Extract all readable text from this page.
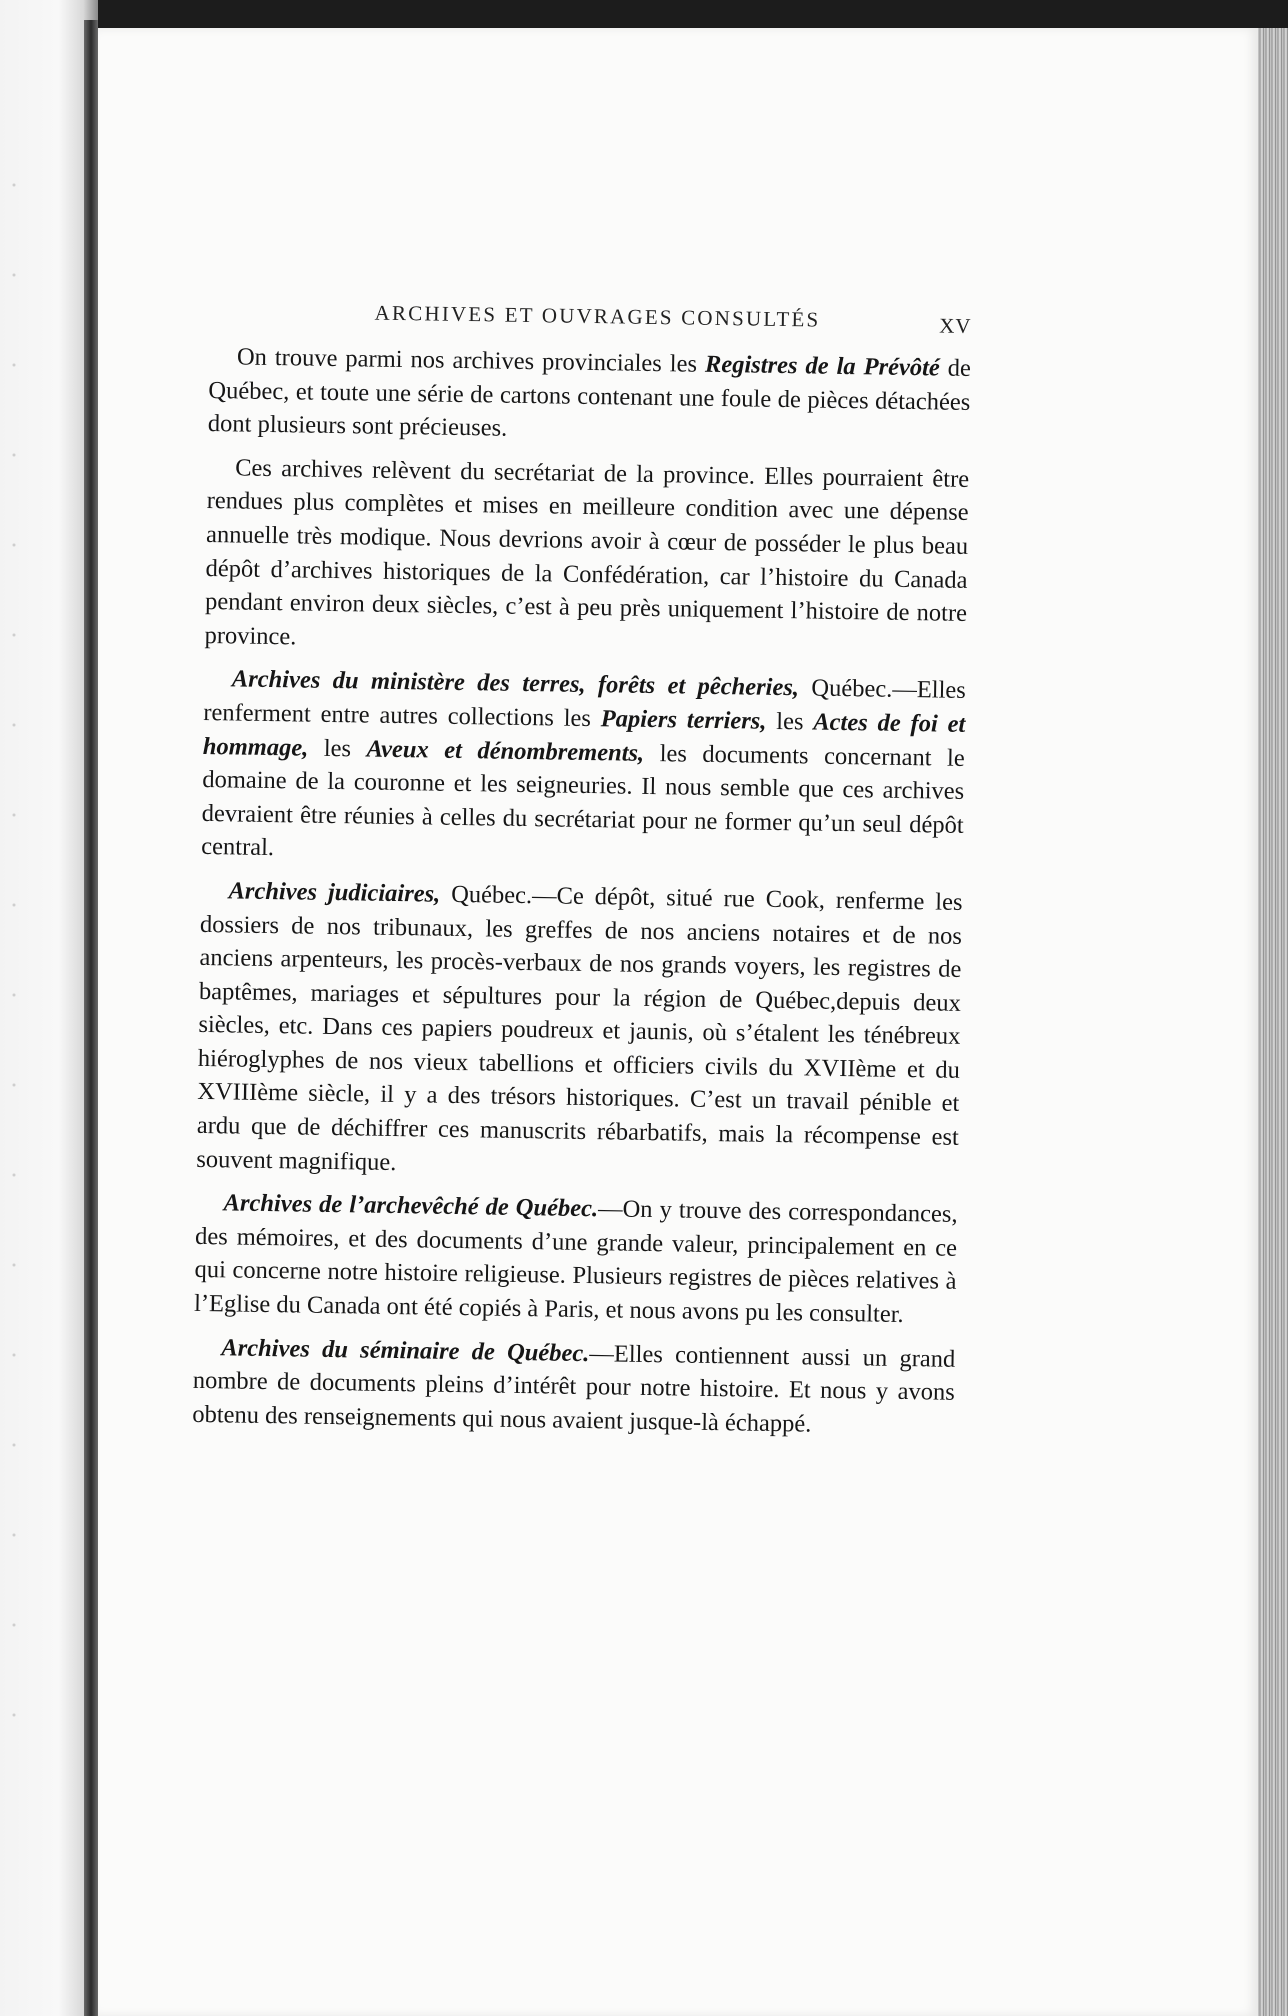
ARCHIVES ET OUVRAGES CONSULTÉS	XV

On trouve parmi nos archives provinciales les Registres de la Prévôté de Québec, et toute une série de cartons contenant une foule de pièces détachées dont plusieurs sont précieuses.

Ces archives relèvent du secrétariat de la province. Elles pourraient être rendues plus complètes et mises en meilleure condition avec une dépense annuelle très modique. Nous devrions avoir à cœur de posséder le plus beau dépôt d’archives historiques de la Confédération, car l’histoire du Canada pendant environ deux siècles, c’est à peu près uniquement l’histoire de notre province.

Archives du ministère des terres, forêts et pêcheries, Québec.—Elles renferment entre autres collections les Papiers terriers, les Actes de foi et hommage, les Aveux et dénombrements, les documents concernant le domaine de la couronne et les seigneuries. Il nous semble que ces archives devraient être réunies à celles du secrétariat pour ne former qu’un seul dépôt central.

Archives judiciaires, Québec.—Ce dépôt, situé rue Cook, renferme les dossiers de nos tribunaux, les greffes de nos anciens notaires et de nos anciens arpenteurs, les procès-verbaux de nos grands voyers, les registres de baptêmes, mariages et sépultures pour la région de Québec,depuis deux siècles, etc. Dans ces papiers poudreux et jaunis, où s’étalent les ténébreux hiéroglyphes de nos vieux tabellions et officiers civils du XVIIème et du XVIIIème siècle, il y a des trésors historiques. C’est un travail pénible et ardu que de déchiffrer ces manuscrits rébarbatifs, mais la récompense est souvent magnifique.

Archives de l’archevêché de Québec.—On y trouve des correspondances, des mémoires, et des documents d’une grande valeur, principalement en ce qui concerne notre histoire religieuse. Plusieurs registres de pièces relatives à l’Eglise du Canada ont été copiés à Paris, et nous avons pu les consulter.

Archives du séminaire de Québec.—Elles contiennent aussi un grand nombre de documents pleins d’intérêt pour notre histoire. Et nous y avons obtenu des renseignements qui nous avaient jusque-là échappé.
